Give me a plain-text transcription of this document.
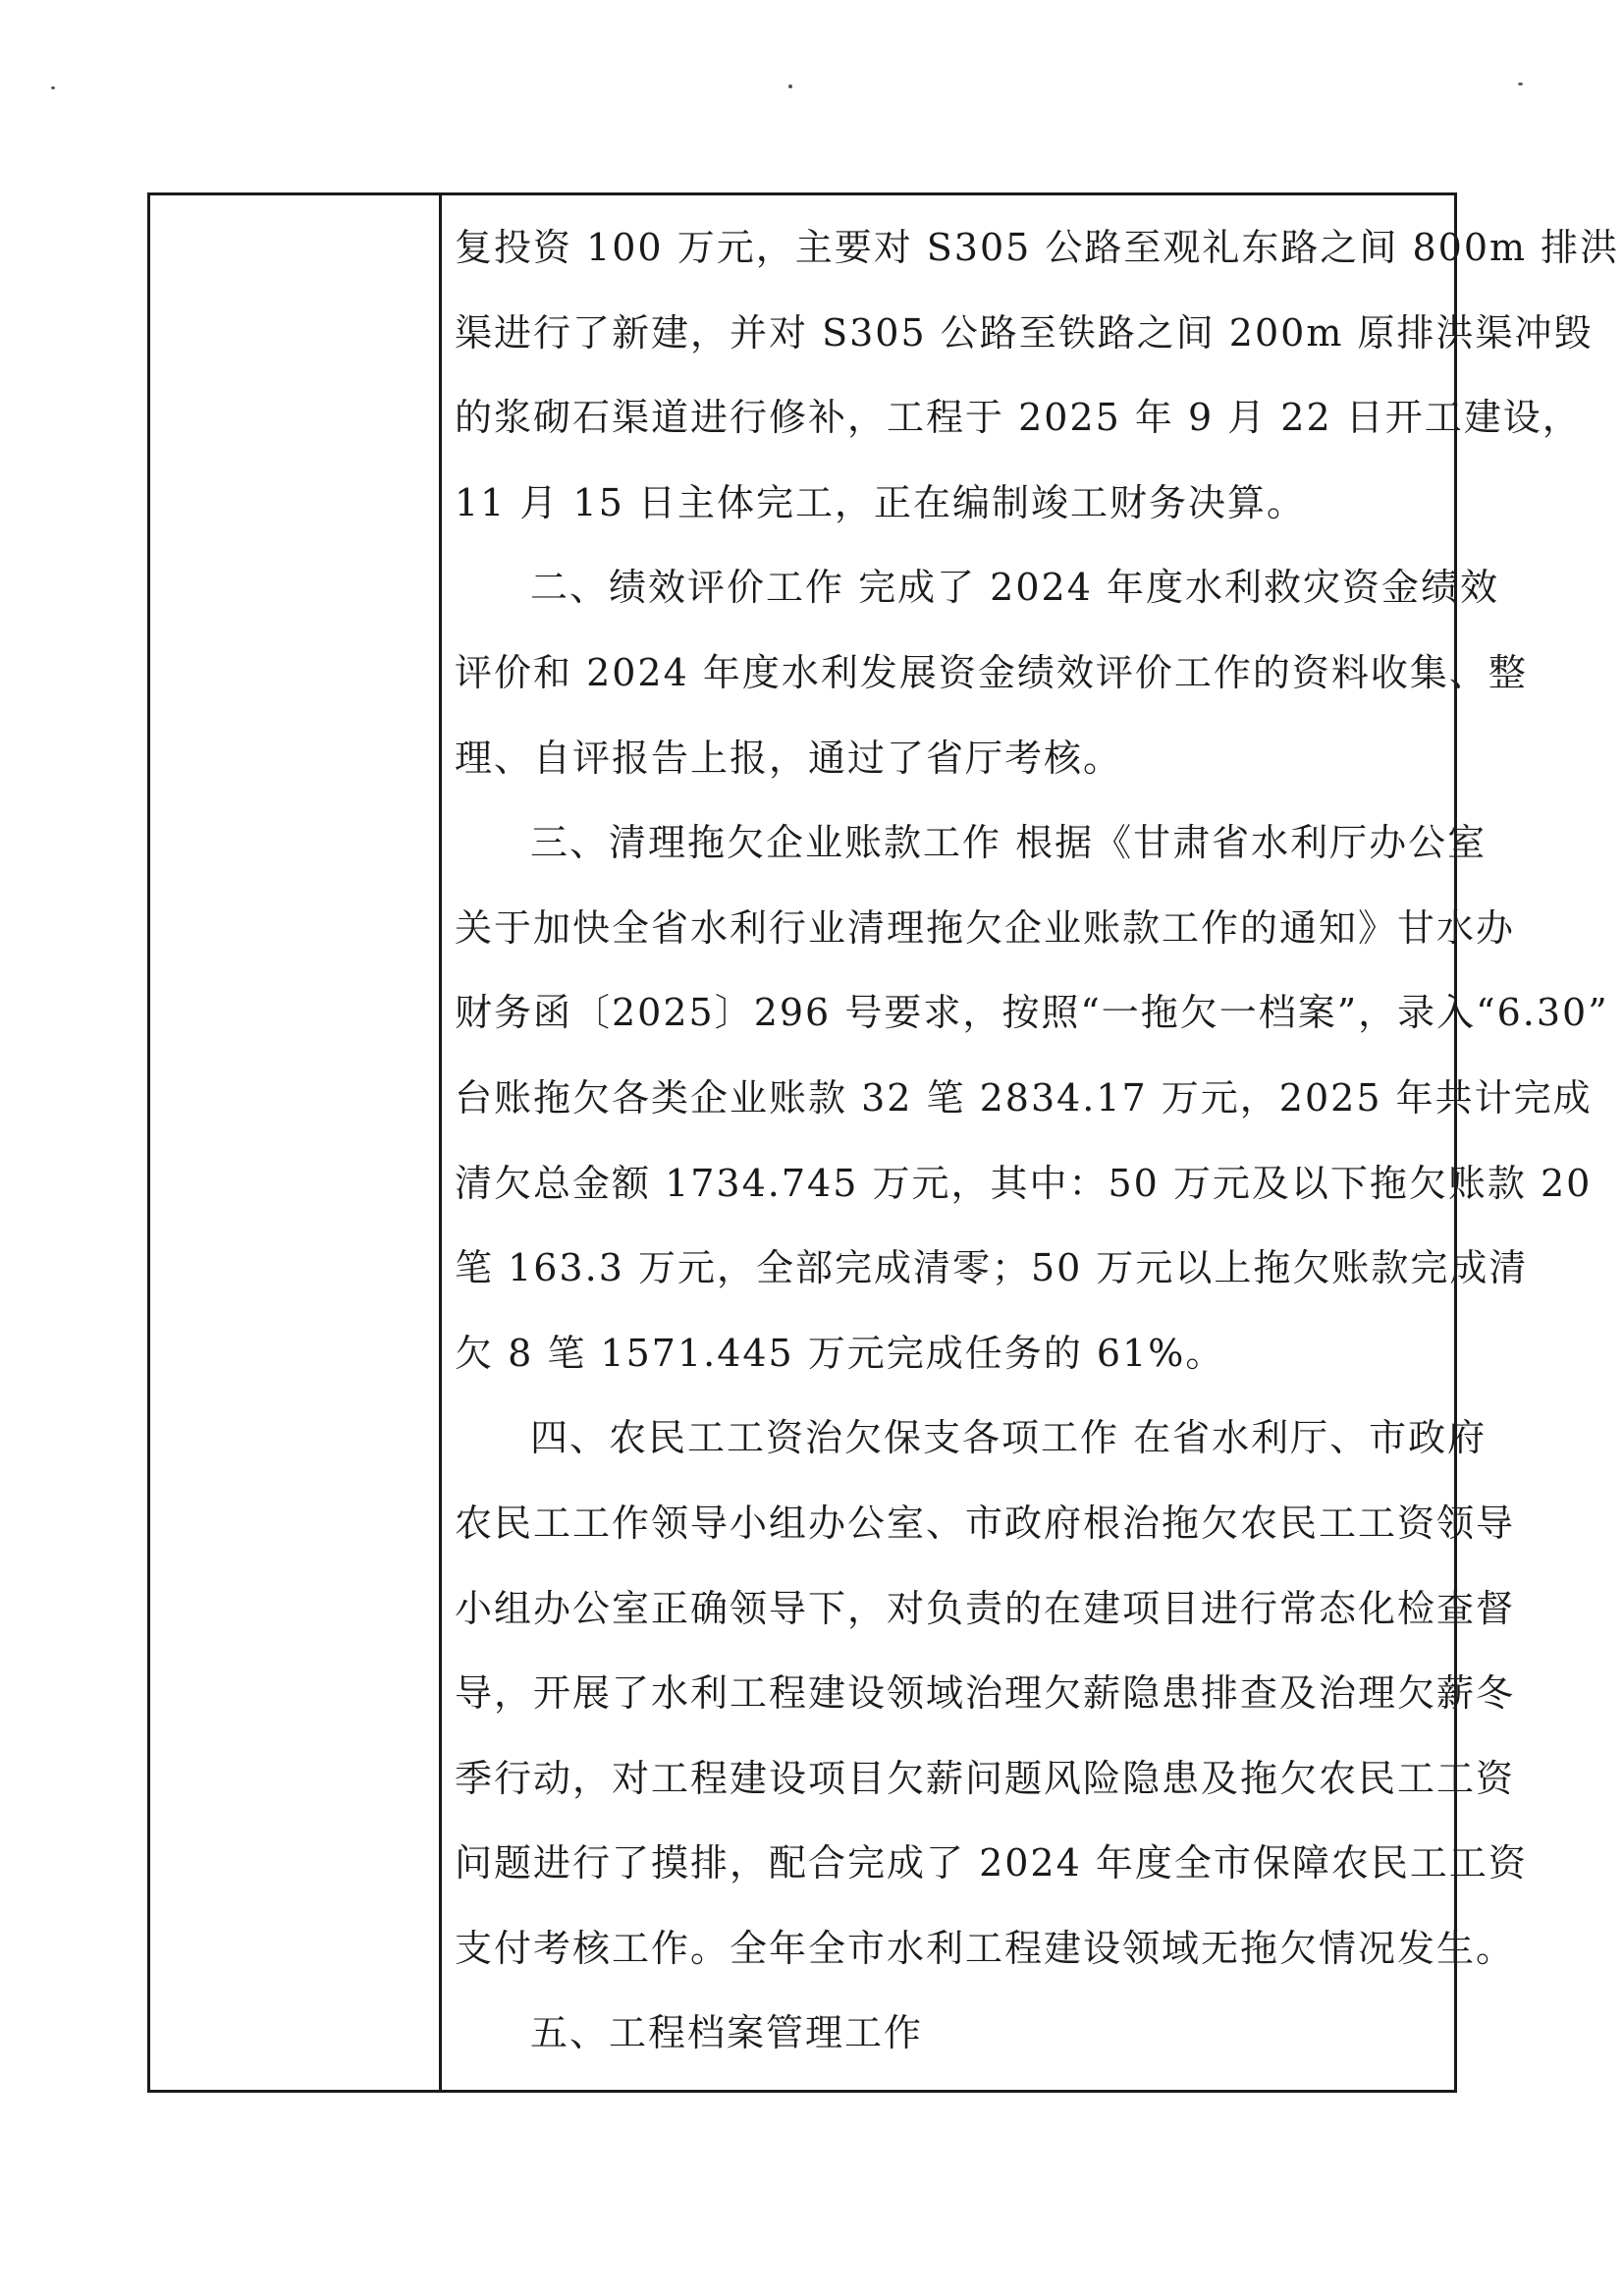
复投资 100 万元，主要对 S305 公路至观礼东路之间 800m 排洪
渠进行了新建，并对 S305 公路至铁路之间 200m 原排洪渠冲毁
的浆砌石渠道进行修补，工程于 2025 年 9 月 22 日开工建设，
11 月 15 日主体完工，正在编制竣工财务决算。
二、绩效评价工作 完成了 2024 年度水利救灾资金绩效
评价和 2024 年度水利发展资金绩效评价工作的资料收集、整
理、自评报告上报，通过了省厅考核。
三、清理拖欠企业账款工作 根据《甘肃省水利厅办公室
关于加快全省水利行业清理拖欠企业账款工作的通知》甘水办
财务函〔2025〕296 号要求，按照“一拖欠一档案”，录入“6.30”
台账拖欠各类企业账款 32 笔 2834.17 万元，2025 年共计完成
清欠总金额 1734.745 万元，其中：50 万元及以下拖欠账款 20
笔 163.3 万元，全部完成清零；50 万元以上拖欠账款完成清
欠 8 笔 1571.445 万元完成任务的 61%。
四、农民工工资治欠保支各项工作 在省水利厅、市政府
农民工工作领导小组办公室、市政府根治拖欠农民工工资领导
小组办公室正确领导下，对负责的在建项目进行常态化检查督
导，开展了水利工程建设领域治理欠薪隐患排查及治理欠薪冬
季行动，对工程建设项目欠薪问题风险隐患及拖欠农民工工资
问题进行了摸排，配合完成了 2024 年度全市保障农民工工资
支付考核工作。全年全市水利工程建设领域无拖欠情况发生。
五、工程档案管理工作
